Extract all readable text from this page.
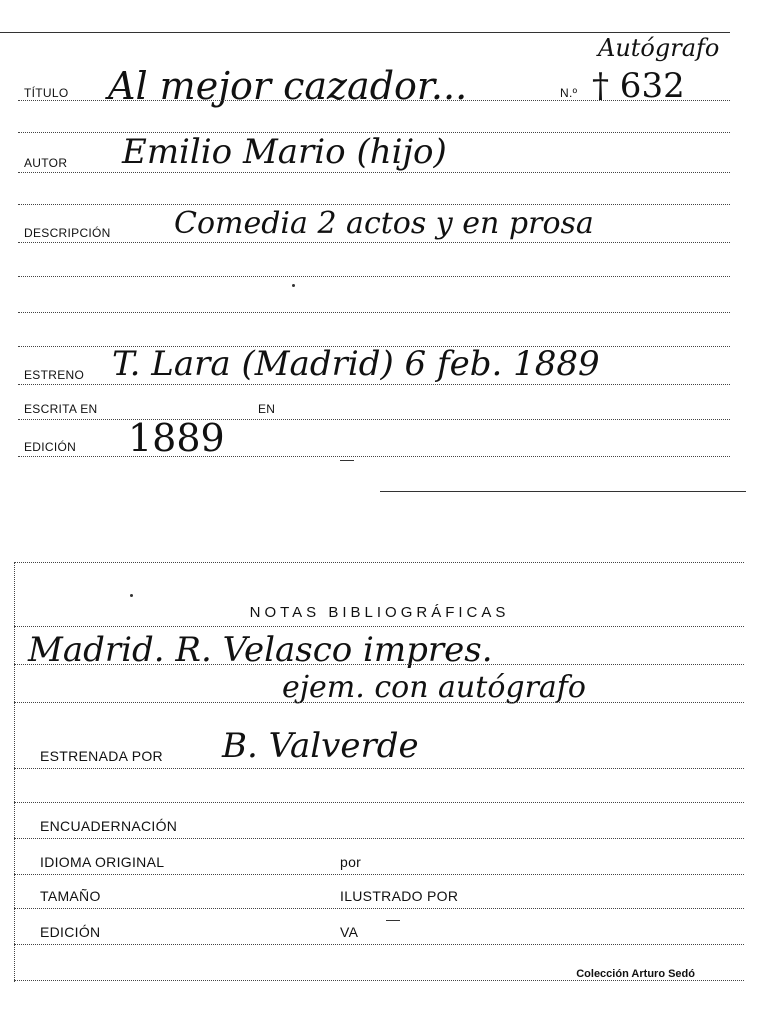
Autógrafo
TÍTULO Al mejor cazador...	N.º † 632
AUTOR Emilio Mario (hijo)
DESCRIPCIÓN Comedia 2 actos y en prosa
ESTRENO T. Lara (Madrid) 6 feb. 1889
ESCRITA EN	EN
EDICIÓN 1889
NOTAS BIBLIOGRÁFICAS
Madrid. R. Velasco impres.
ejem. con autógrafo
ESTRENADA POR B. Valverde
ENCUADERNACIÓN
IDIOMA ORIGINAL	por
TAMAÑO	ILUSTRADO POR
EDICIÓN	VA
Colección Arturo Sedó
